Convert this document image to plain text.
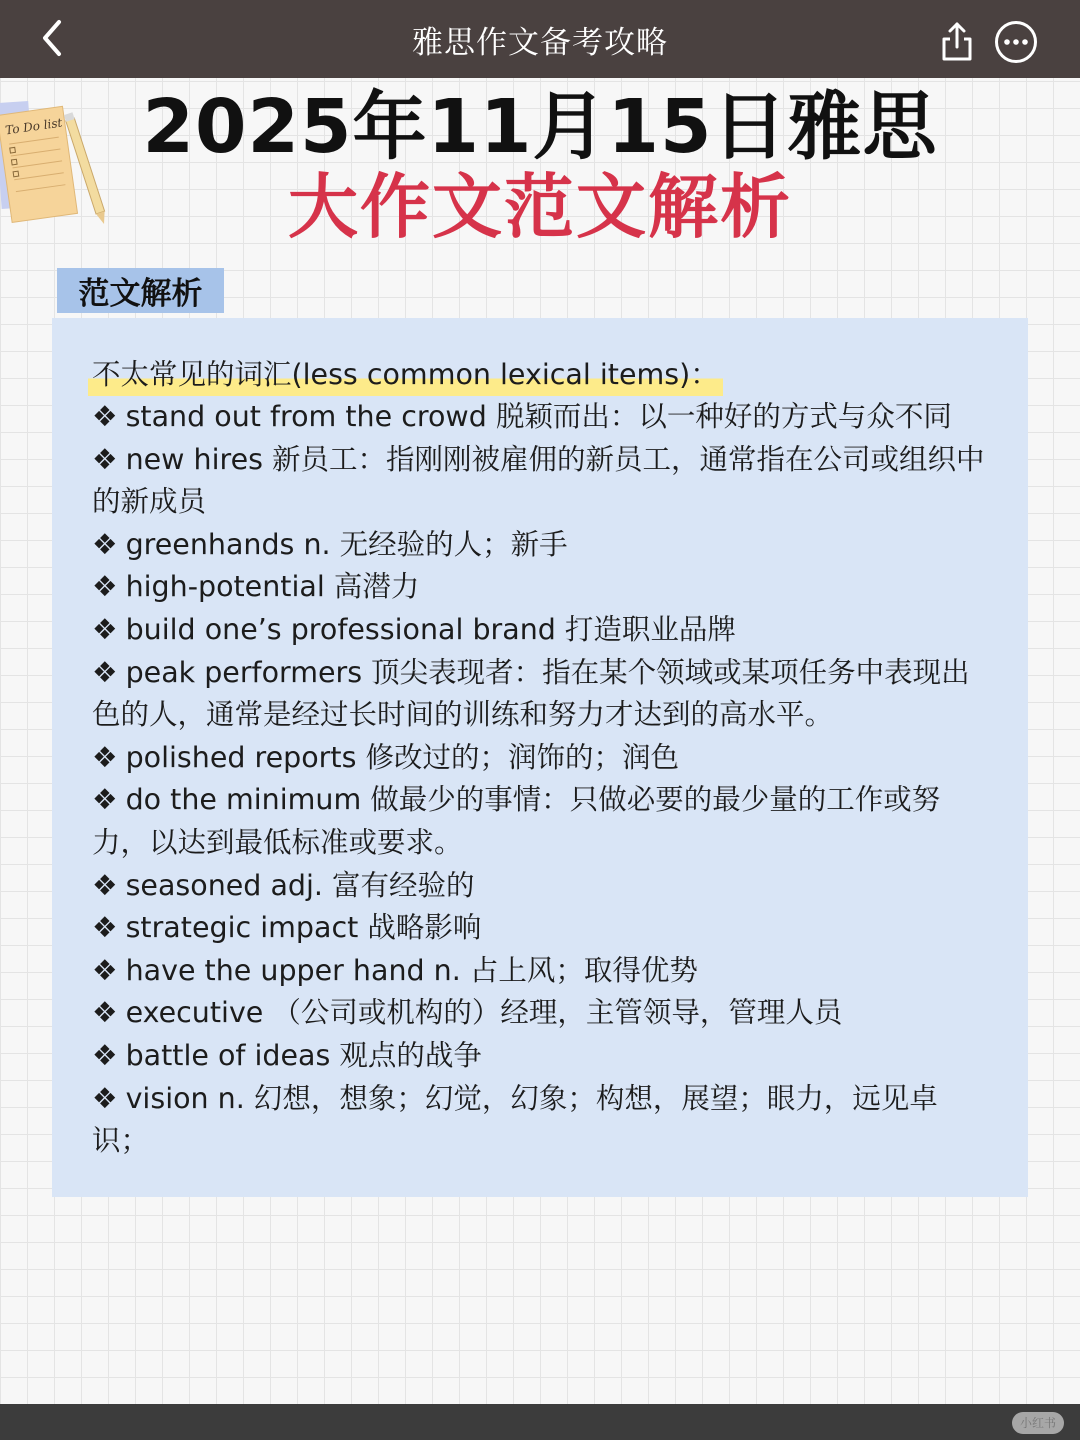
雅思作文备考攻略
To Do list	2025年11月15日雅思
大作文范文解析
范文解析
不太常见的词汇(less common lexical items)：
❖ stand out from the crowd 脱颖而出：以一种好的方式与众不同
❖ new hires 新员工：指刚刚被雇佣的新员工，通常指在公司或组织中的新成员
❖ greenhands n. 无经验的人；新手
❖ high-potential 高潜力
❖ build one’s professional brand 打造职业品牌
❖ peak performers 顶尖表现者：指在某个领域或某项任务中表现出色的人，通常是经过长时间的训练和努力才达到的高水平。
❖ polished reports 修改过的；润饰的；润色
❖ do the minimum 做最少的事情：只做必要的最少量的工作或努力，以达到最低标准或要求。
❖ seasoned adj. 富有经验的
❖ strategic impact 战略影响
❖ have the upper hand n. 占上风；取得优势
❖ executive （公司或机构的）经理，主管领导，管理人员
❖ battle of ideas 观点的战争
❖ vision n. 幻想，想象；幻觉，幻象；构想，展望；眼力，远见卓识；
小红书
